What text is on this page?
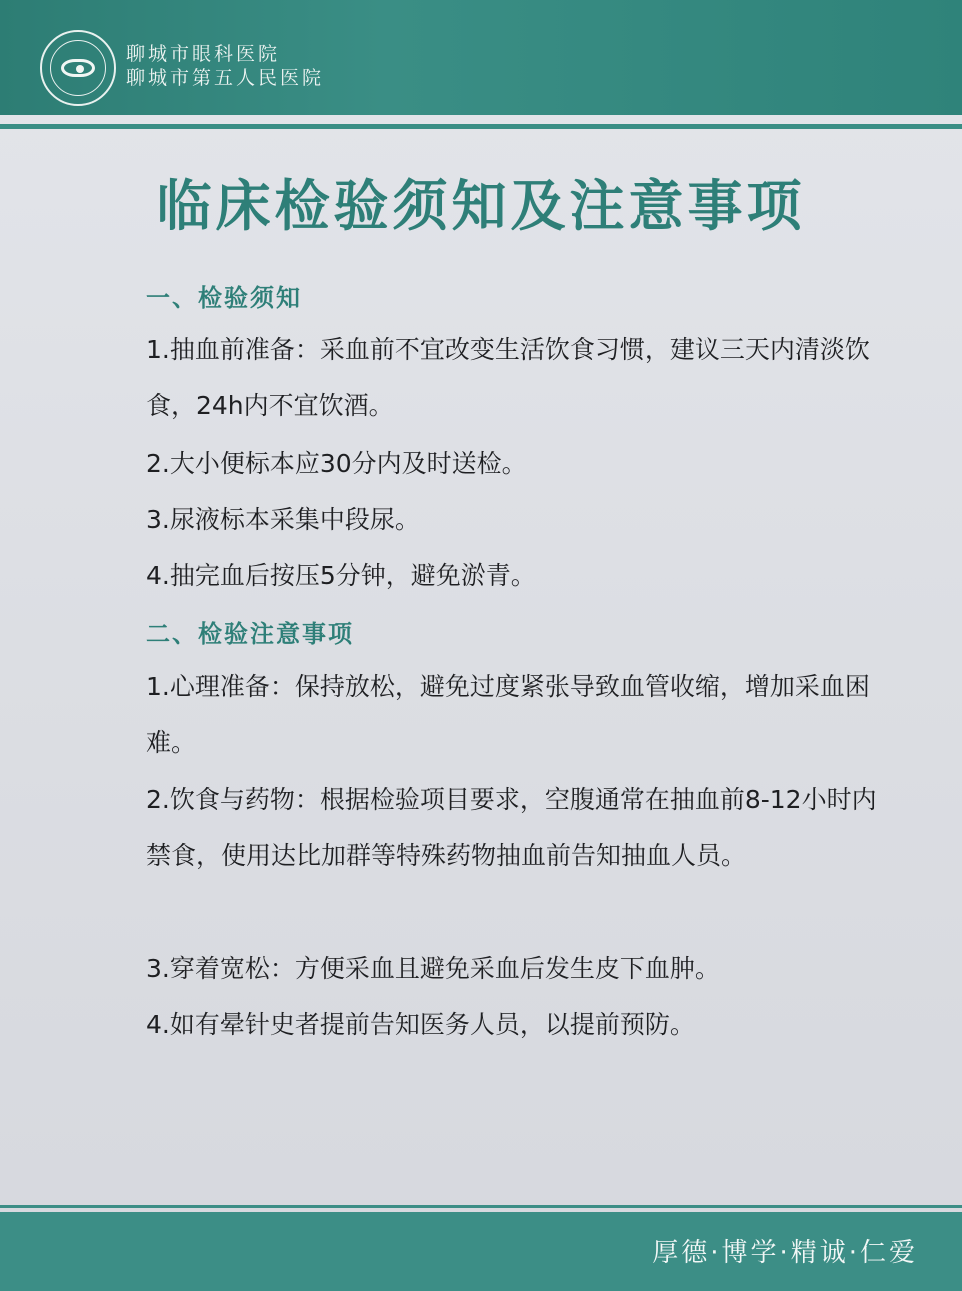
聊城市眼科医院
聊城市第五人民医院
临床检验须知及注意事项
一、检验须知
1.抽血前准备：采血前不宜改变生活饮食习惯，建议三天内清淡饮食，24h内不宜饮酒。
2.大小便标本应30分内及时送检。
3.尿液标本采集中段尿。
4.抽完血后按压5分钟，避免淤青。
二、检验注意事项
1.心理准备：保持放松，避免过度紧张导致血管收缩，增加采血困难。
2.饮食与药物：根据检验项目要求，空腹通常在抽血前8-12小时内禁食，使用达比加群等特殊药物抽血前告知抽血人员。
3.穿着宽松：方便采血且避免采血后发生皮下血肿。
4.如有晕针史者提前告知医务人员，以提前预防。
厚德·博学·精诚·仁爱
